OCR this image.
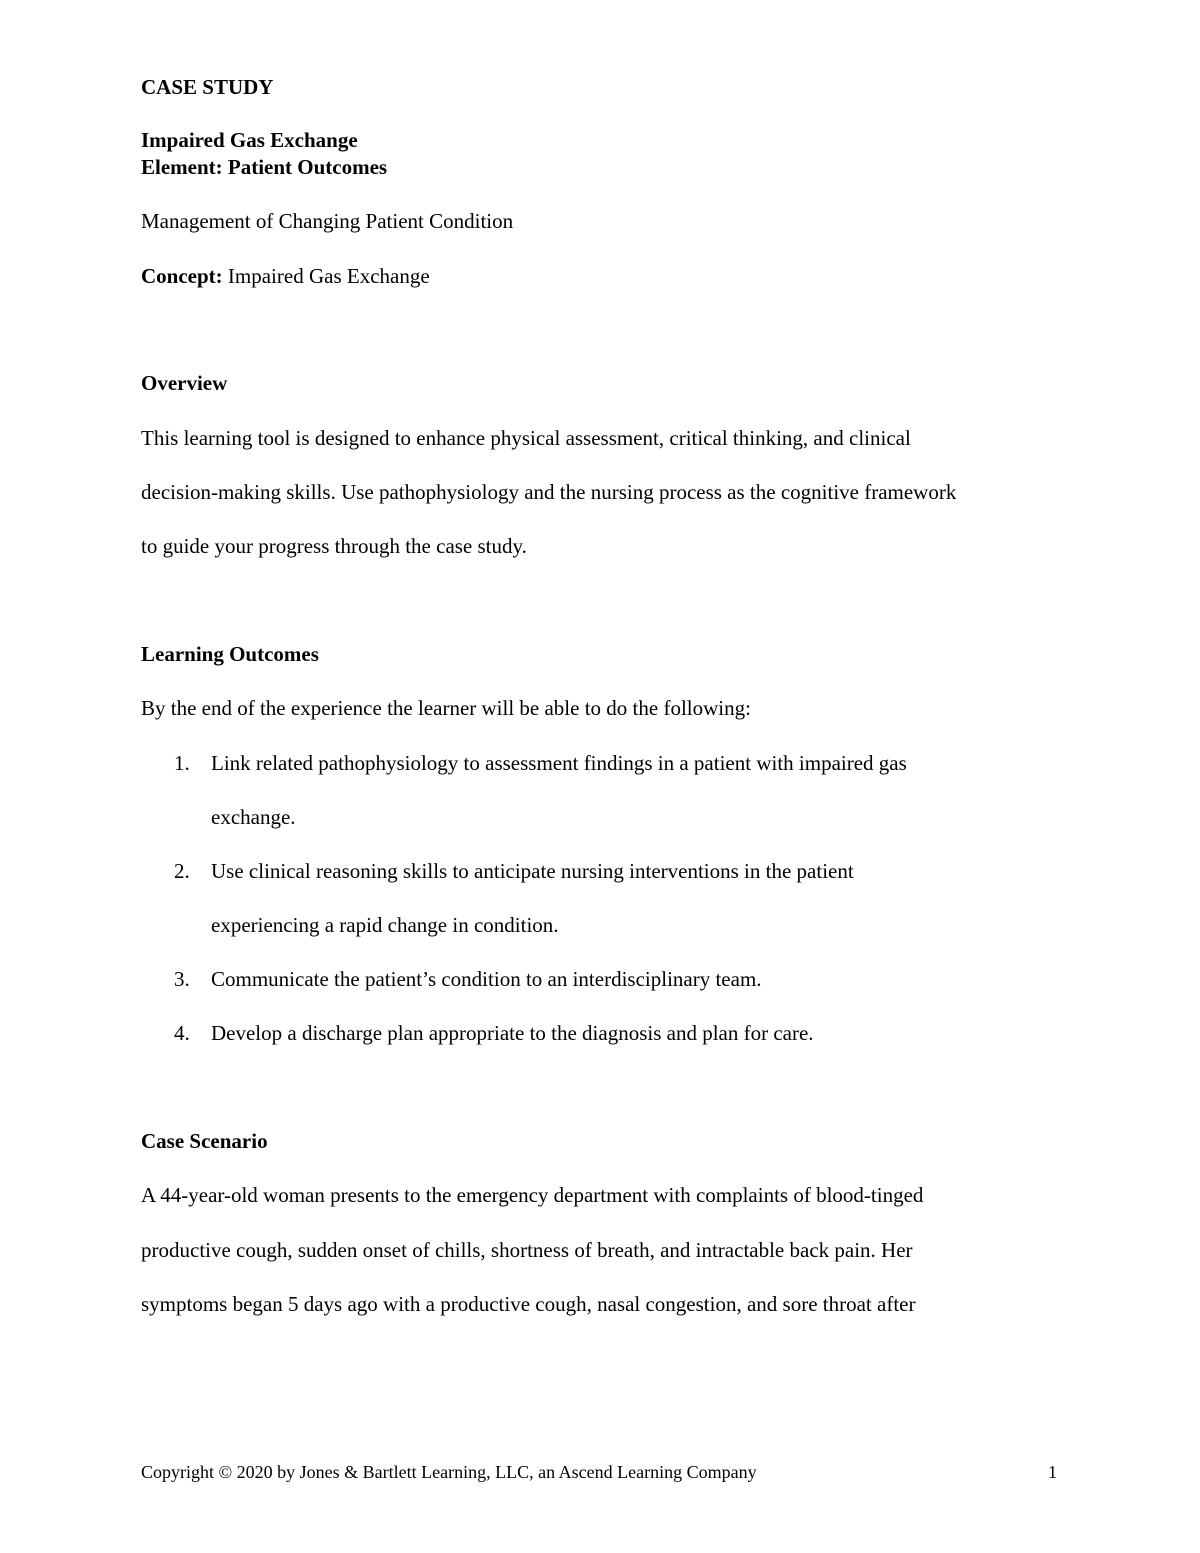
CASE STUDY
Impaired Gas Exchange
Element: Patient Outcomes
Management of Changing Patient Condition
Concept: Impaired Gas Exchange
Overview
This learning tool is designed to enhance physical assessment, critical thinking, and clinical
decision-making skills. Use pathophysiology and the nursing process as the cognitive framework
to guide your progress through the case study.
Learning Outcomes
By the end of the experience the learner will be able to do the following:
1. Link related pathophysiology to assessment findings in a patient with impaired gas
exchange.
2. Use clinical reasoning skills to anticipate nursing interventions in the patient
experiencing a rapid change in condition.
3. Communicate the patient’s condition to an interdisciplinary team.
4. Develop a discharge plan appropriate to the diagnosis and plan for care.
Case Scenario
A 44-year-old woman presents to the emergency department with complaints of blood-tinged
productive cough, sudden onset of chills, shortness of breath, and intractable back pain. Her
symptoms began 5 days ago with a productive cough, nasal congestion, and sore throat after
Copyright © 2020 by Jones & Bartlett Learning, LLC, an Ascend Learning Company	1
